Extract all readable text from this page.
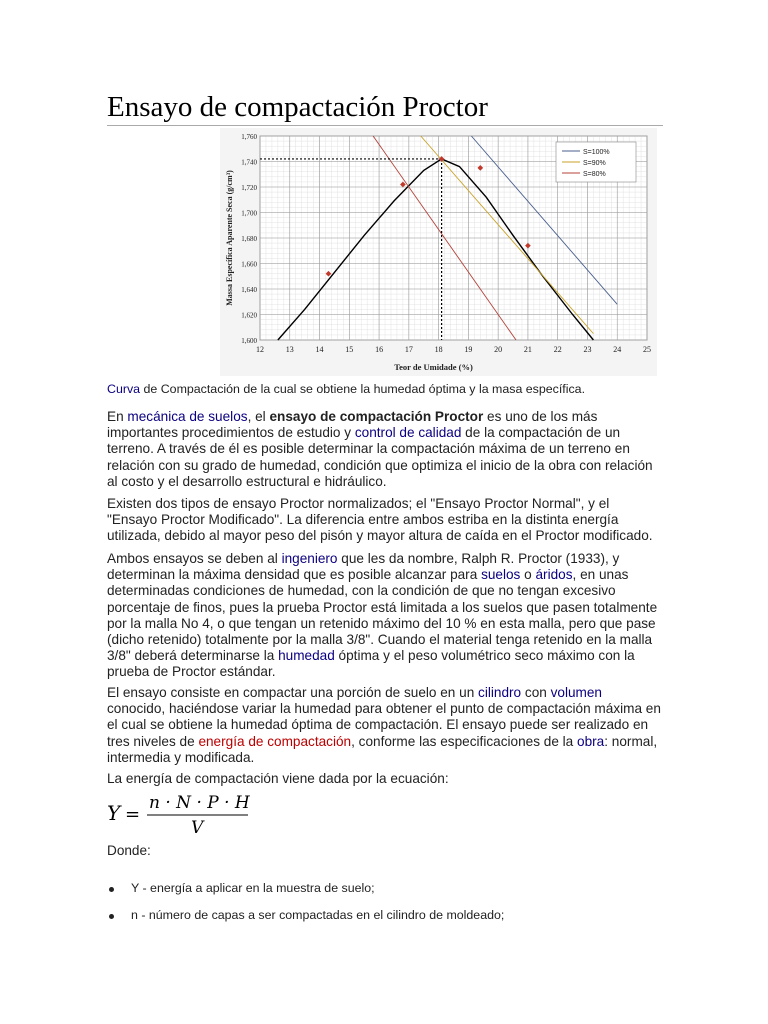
Ensayo de compactación Proctor
12	13	14	15	16	17	18	19	20	21	22	23	24	25
1,600
1,620
1,640
1,660
1,680
1,700
1,720
1,740
1,760
Teor de Umidade (%)
Massa Específica Aparente Seca (g/cm³)
S=100%
S=90%
S=80%
Curva de Compactación de la cual se obtiene la humedad óptima y la masa específica.

En mecánica de suelos, el ensayo de compactación Proctor es uno de los más importantes procedimientos de estudio y control de calidad de la compactación de un terreno. A través de él es posible determinar la compactación máxima de un terreno en relación con su grado de humedad, condición que optimiza el inicio de la obra con relación al costo y el desarrollo estructural e hidráulico.

Existen dos tipos de ensayo Proctor normalizados; el "Ensayo Proctor Normal", y el "Ensayo Proctor Modificado". La diferencia entre ambos estriba en la distinta energía utilizada, debido al mayor peso del pisón y mayor altura de caída en el Proctor modificado.

Ambos ensayos se deben al ingeniero que les da nombre, Ralph R. Proctor (1933), y determinan la máxima densidad que es posible alcanzar para suelos o áridos, en unas determinadas condiciones de humedad, con la condición de que no tengan excesivo porcentaje de finos, pues la prueba Proctor está limitada a los suelos que pasen totalmente por la malla No 4, o que tengan un retenido máximo del 10 % en esta malla, pero que pase (dicho retenido) totalmente por la malla 3/8". Cuando el material tenga retenido en la malla 3/8" deberá determinarse la humedad óptima y el peso volumétrico seco máximo con la prueba de Proctor estándar.

El ensayo consiste en compactar una porción de suelo en un cilindro con volumen conocido, haciéndose variar la humedad para obtener el punto de compactación máxima en el cual se obtiene la humedad óptima de compactación. El ensayo puede ser realizado en tres niveles de energía de compactación, conforme las especificaciones de la obra: normal, intermedia y modificada.

La energía de compactación viene dada por la ecuación:

Y =
n · N · P · H
V

Donde:

Y - energía a aplicar en la muestra de suelo;
n - número de capas a ser compactadas en el cilindro de moldeado;
